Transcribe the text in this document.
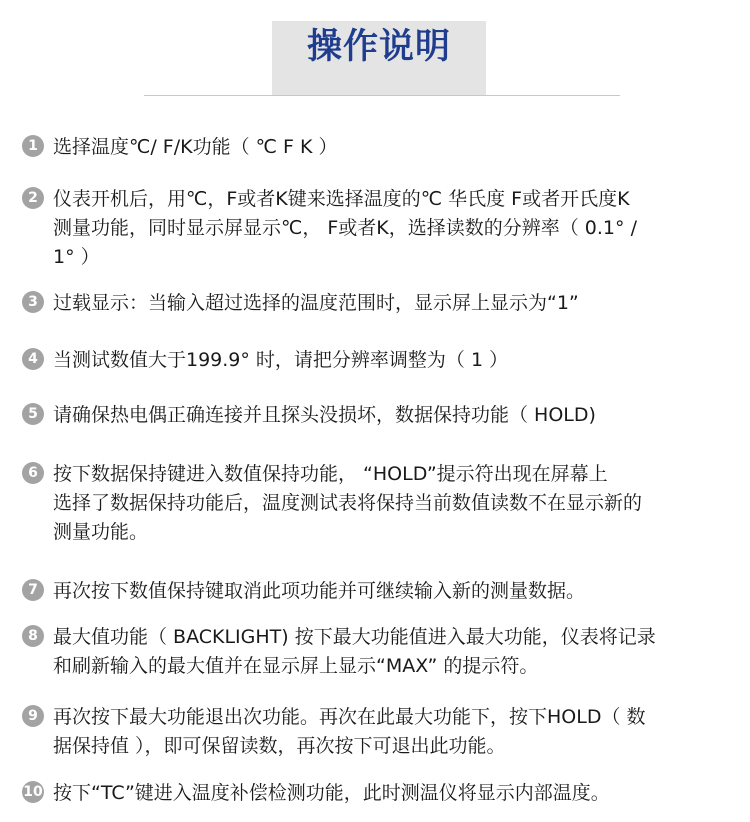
操作说明
1 选择温度℃/ F/K功能（ ℃ F K ）
2 仪表开机后，用℃，F或者K键来选择温度的℃ 华氏度 F或者开氏度K
测量功能，同时显示屏显示℃， F或者K，选择读数的分辨率（ 0.1° /
1° ）
3 过载显示：当输入超过选择的温度范围时，显示屏上显示为“1”
4 当测试数值大于199.9° 时，请把分辨率调整为（ 1 ）
5 请确保热电偶正确连接并且探头没损坏，数据保持功能（ HOLD)
6 按下数据保持键进入数值保持功能， “HOLD”提示符出现在屏幕上
选择了数据保持功能后，温度测试表将保持当前数值读数不在显示新的
测量功能。
7 再次按下数值保持键取消此项功能并可继续输入新的测量数据。
8 最大值功能（ BACKLIGHT) 按下最大功能值进入最大功能，仪表将记录
和刷新输入的最大值并在显示屏上显示“MAX” 的提示符。
9 再次按下最大功能退出次功能。再次在此最大功能下，按下HOLD（ 数
据保持值 ），即可保留读数，再次按下可退出此功能。
10 按下“TC”键进入温度补偿检测功能，此时测温仪将显示内部温度。
